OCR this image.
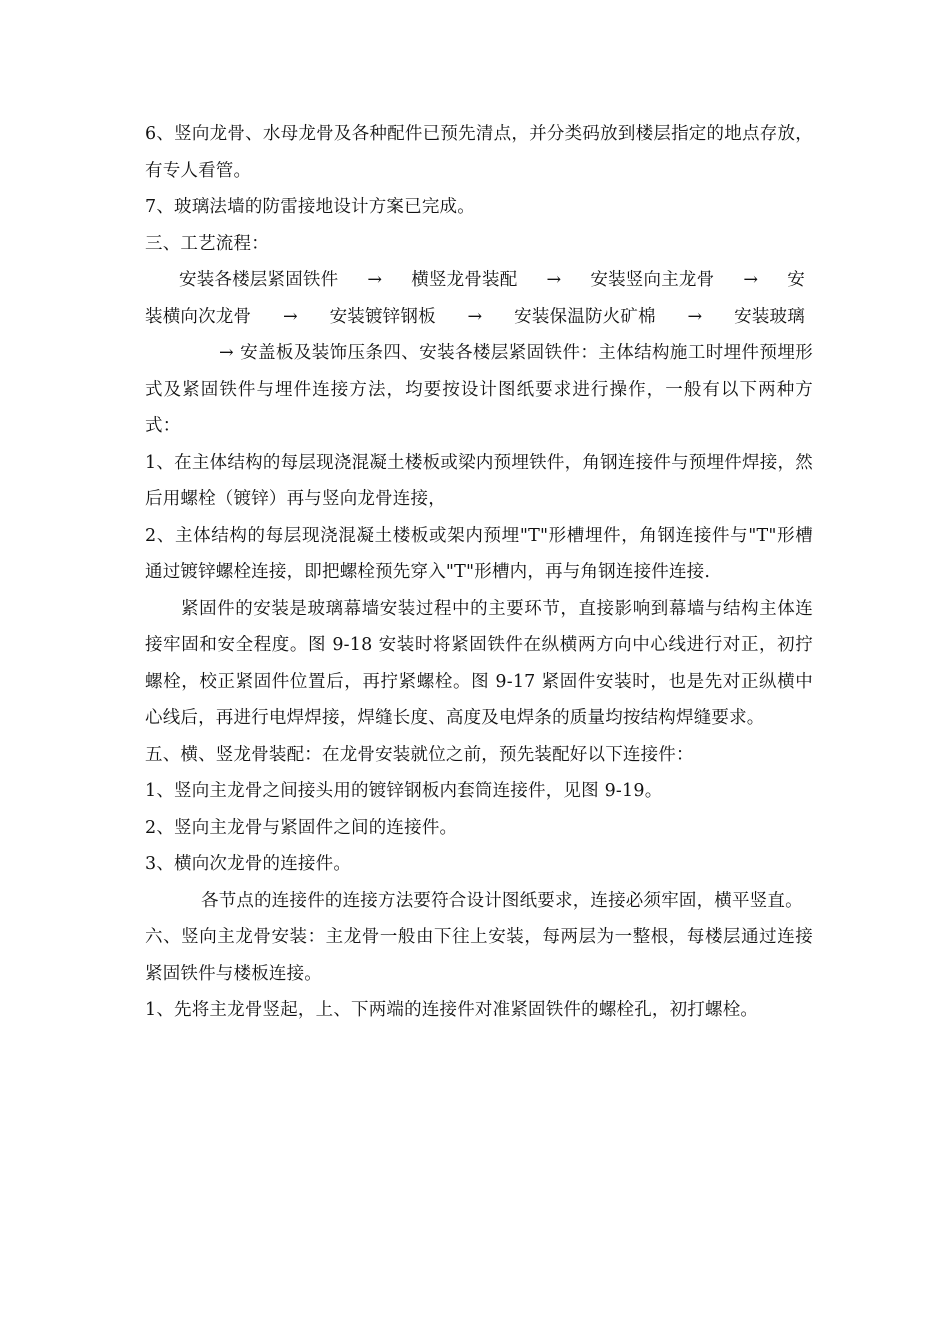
6、竖向龙骨、水母龙骨及各种配件已预先清点，并分类码放到楼层指定的地点存放，有专人看管。

7、玻璃法墙的防雷接地设计方案已完成。

三、工艺流程：

安装各楼层紧固铁件	→	横竖龙骨装配	→	安装竖向主龙骨	→	安
装横向次龙骨	→	安装镀锌钢板	→	安装保温防火矿棉	→	安装玻璃

→ 安盖板及装饰压条四、安装各楼层紧固铁件：主体结构施工时埋件预埋形式及紧固铁件与埋件连接方法，均要按设计图纸要求进行操作，一般有以下两种方式：

1、在主体结构的每层现浇混凝土楼板或梁内预埋铁件，角钢连接件与预埋件焊接，然后用螺栓（镀锌）再与竖向龙骨连接，

2、主体结构的每层现浇混凝土楼板或架内预埋"T"形槽埋件，角钢连接件与"T"形槽通过镀锌螺栓连接，即把螺栓预先穿入"T"形槽内，再与角钢连接件连接.

紧固件的安装是玻璃幕墙安装过程中的主要环节，直接影响到幕墙与结构主体连接牢固和安全程度。图 9-18 安装时将紧固铁件在纵横两方向中心线进行对正，初拧螺栓，校正紧固件位置后，再拧紧螺栓。图 9-17 紧固件安装时，也是先对正纵横中心线后，再进行电焊焊接，焊缝长度、高度及电焊条的质量均按结构焊缝要求。

五、横、竖龙骨装配：在龙骨安装就位之前，预先装配好以下连接件：

1、竖向主龙骨之间接头用的镀锌钢板内套筒连接件，见图 9-19。

2、竖向主龙骨与紧固件之间的连接件。

3、横向次龙骨的连接件。

各节点的连接件的连接方法要符合设计图纸要求，连接必须牢固，横平竖直。

六、竖向主龙骨安装：主龙骨一般由下往上安装，每两层为一整根，每楼层通过连接紧固铁件与楼板连接。

1、先将主龙骨竖起，上、下两端的连接件对准紧固铁件的螺栓孔，初打螺栓。
